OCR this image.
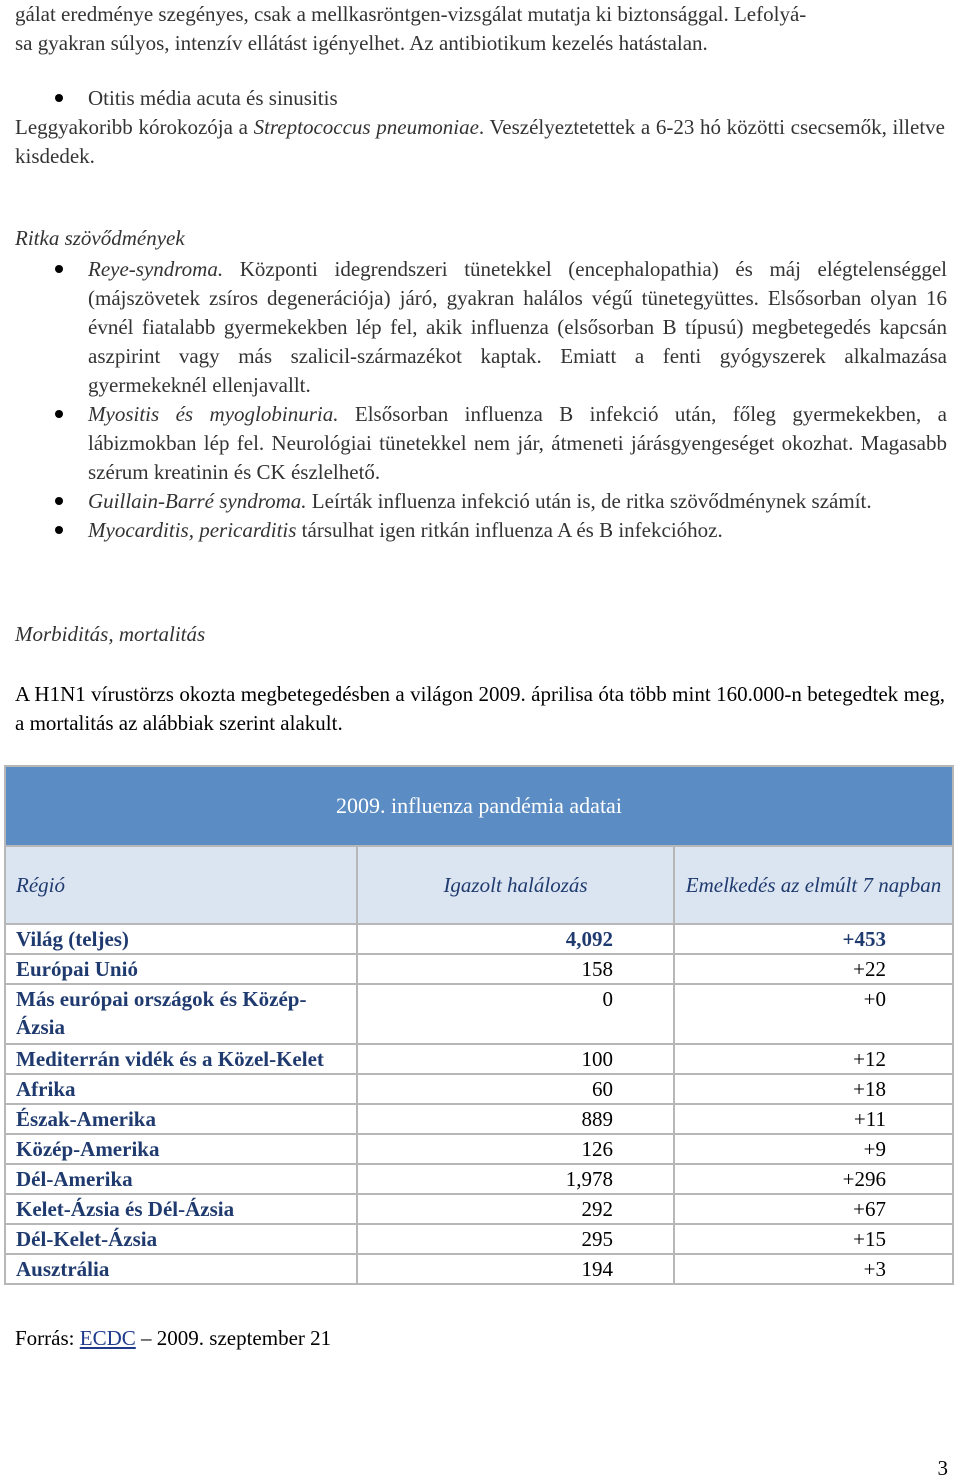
gálat eredménye szegényes, csak a mellkasröntgen-vizsgálat mutatja ki biztonsággal. Lefolyá-
sa gyakran súlyos, intenzív ellátást igényelhet. Az antibiotikum kezelés hatástalan.
Otitis média acuta és sinusitis
Leggyakoribb kórokozója a Streptococcus pneumoniae. Veszélyeztetettek a 6-23 hó közötti csecsemők, illetve kisdedek.
Ritka szövődmények
Reye-syndroma. Központi idegrendszeri tünetekkel (encephalopathia) és máj elégtelenséggel (májszövetek zsíros degenerációja) járó, gyakran halálos végű tünetegyüttes. Elsősorban olyan 16 évnél fiatalabb gyermekekben lép fel, akik influenza (elsősorban B típusú) megbetegedés kapcsán aszpirint vagy más szalicil-származékot kaptak. Emiatt a fenti gyógyszerek alkalmazása gyermekeknél ellenjavallt.
Myositis és myoglobinuria. Elsősorban influenza B infekció után, főleg gyermekekben, a lábizmokban lép fel. Neurológiai tünetekkel nem jár, átmeneti járásgyengeséget okozhat. Magasabb szérum kreatinin és CK észlelhető.
Guillain-Barré syndroma. Leírták influenza infekció után is, de ritka szövődménynek számít.
Myocarditis, pericarditis társulhat igen ritkán influenza A és B infekcióhoz.
Morbiditás, mortalitás
A H1N1 vírustörzs okozta megbetegedésben a világon 2009. áprilisa óta több mint 160.000-n betegedtek meg, a mortalitás az alábbiak szerint alakult.
2009. influenza pandémia adatai		
Régió	Igazolt halálozás	Emelkedés az elmúlt 7 napban
Világ (teljes)	4,092	+453
Európai Unió	158	+22
Más európai országok és Közép-Ázsia	0	+0
Mediterrán vidék és a Közel-Kelet	100	+12
Afrika	60	+18
Észak-Amerika	889	+11
Közép-Amerika	126	+9
Dél-Amerika	1,978	+296
Kelet-Ázsia és Dél-Ázsia	292	+67
Dél-Kelet-Ázsia	295	+15
Ausztrália	194	+3
Forrás: ECDC – 2009. szeptember 21
3
